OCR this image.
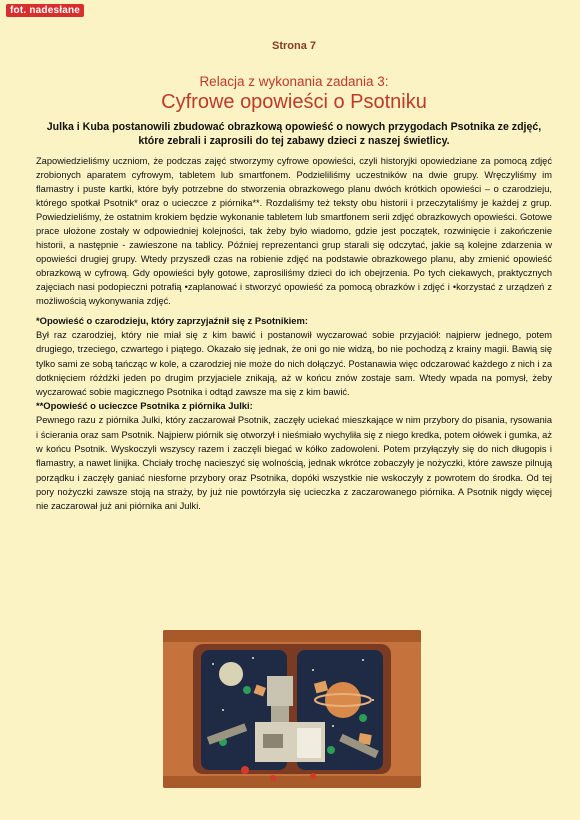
fot. nadesłane
Strona 7
Relacja z wykonania zadania 3:
Cyfrowe opowieści o Psotniku
Julka i Kuba postanowili zbudować obrazkową opowieść o nowych przygodach Psotnika ze zdjęć, które zebrali i zaprosili do tej zabawy dzieci z naszej świetlicy.
Zapowiedzieliśmy uczniom, że podczas zajęć stworzymy cyfrowe opowieści, czyli historyjki opowiedziane za pomocą zdjęć zrobionych aparatem cyfrowym, tabletem lub smartfonem. Podzieliliśmy uczestników na dwie grupy. Wręczyliśmy im flamastry i puste kartki, które były potrzebne do stworzenia obrazkowego planu dwóch krótkich opowieści – o czarodzieju, którego spotkał Psotnik* oraz o ucieczce z piórnika**. Rozdaliśmy też teksty obu historii i przeczytaliśmy je każdej z grup. Powiedzieliśmy, że ostatnim krokiem będzie wykonanie tabletem lub smartfonem serii zdjęć obrazkowych opowieści. Gotowe prace ułożone zostały w odpowiedniej kolejności, tak żeby było wiadomo, gdzie jest początek, rozwinięcie i zakończenie historii, a następnie - zawieszone na tablicy. Później reprezentanci grup starali się odczytać, jakie są kolejne zdarzenia w opowieści drugiej grupy. Wtedy przyszedł czas na robienie zdjęć na podstawie obrazkowego planu, aby zmienić opowieść obrazkową w cyfrową. Gdy opowieści były gotowe, zaprosiliśmy dzieci do ich obejrzenia. Po tych ciekawych, praktycznych zajęciach nasi podopieczni potrafią •zaplanować i stworzyć opowieść za pomocą obrazków i zdjęć i •korzystać z urządzeń z możliwością wykonywania zdjęć.
*Opowieść o czarodzieju, który zaprzyjaźnił się z Psotnikiem:
Był raz czarodziej, który nie miał się z kim bawić i postanowił wyczarować sobie przyjaciół: najpierw jednego, potem drugiego, trzeciego, czwartego i piątego. Okazało się jednak, że oni go nie widzą, bo nie pochodzą z krainy magii. Bawią się tylko sami ze sobą tańcząc w kole, a czarodziej nie może do nich dołączyć. Postanawia więc odczarować każdego z nich i za dotknięciem różdżki jeden po drugim przyjaciele znikają, aż w końcu znów zostaje sam. Wtedy wpada na pomysł, żeby wyczarować sobie magicznego Psotnika i odtąd zawsze ma się z kim bawić.
**Opowieść o ucieczce Psotnika z piórnika Julki:
Pewnego razu z piórnika Julki, który zaczarował Psotnik, zaczęły uciekać mieszkające w nim przybory do pisania, rysowania i ścierania oraz sam Psotnik. Najpierw piórnik się otworzył i nieśmiało wychyliła się z niego kredka, potem ołówek i gumka, aż w końcu Psotnik. Wyskoczyli wszyscy razem i zaczęli biegać w kółko zadowoleni. Potem przyłączyły się do nich długopis i flamastry, a nawet linijka. Chciały trochę nacieszyć się wolnością, jednak wkrótce zobaczyły je nożyczki, które zawsze pilnują porządku i zaczęły ganiać niesforne przybory oraz Psotnika, dopóki wszystkie nie wskoczyły z powrotem do środka. Od tej pory nożyczki zawsze stoją na straży, by już nie powtórzyła się ucieczka z zaczarowanego piórnika. A Psotnik nigdy więcej nie zaczarował już ani piórnika ani Julki.
